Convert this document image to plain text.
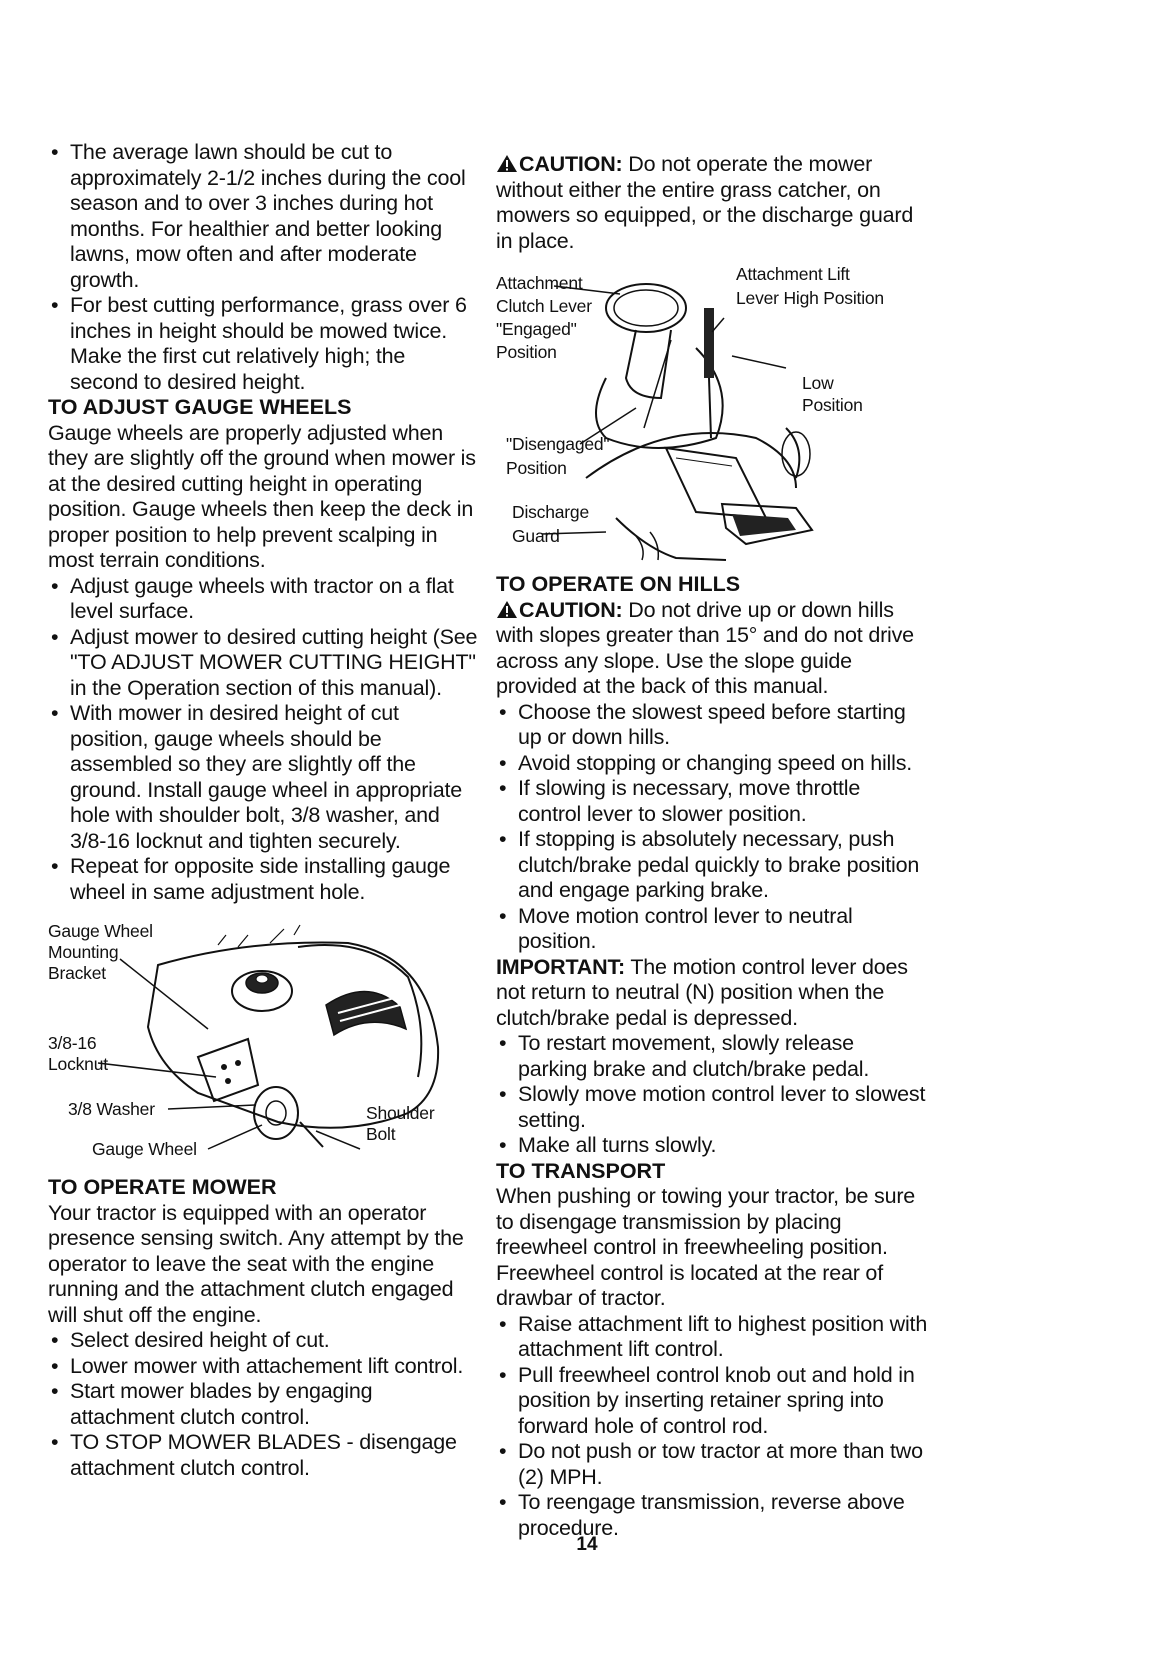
• The average lawn should be cut to approximately 2-1/2 inches during the cool season and to over 3 inches during hot months. For healthier and better looking lawns, mow often and after moderate growth.

• For best cutting performance, grass over 6 inches in height should be mowed twice. Make the first cut relatively high; the second to desired height.

TO ADJUST GAUGE WHEELS

Gauge wheels are properly adjusted when they are slightly off the ground when mower is at the desired cutting height in operating position. Gauge wheels then keep the deck in proper position to help prevent scalping in most terrain conditions.

• Adjust gauge wheels with tractor on a flat level surface.

• Adjust mower to desired cutting height (See "TO ADJUST MOWER CUTTING HEIGHT" in the Operation section of this manual).

• With mower in desired height of cut position, gauge wheels should be assembled so they are slightly off the ground. Install gauge wheel in appropriate hole with shoulder bolt, 3/8 washer, and 3/8-16 locknut and tighten securely.

• Repeat for opposite side installing gauge wheel in same adjustment hole.

Gauge Wheel
Mounting
Bracket
3/8-16
Locknut
3/8 Washer
Gauge Wheel
Shoulder
Bolt

TO OPERATE MOWER

Your tractor is equipped with an operator presence sensing switch. Any attempt by the operator to leave the seat with the engine running and the attachment clutch engaged will shut off the engine.

• Select desired height of cut.

• Lower mower with attachement lift control.

• Start mower blades by engaging attachment clutch control.

• TO STOP MOWER BLADES - disengage attachment clutch control.

CAUTION: Do not operate the mower without either the entire grass catcher, on mowers so equipped, or the discharge guard in place.

Attachment
Clutch Lever
"Engaged"
Position
Attachment Lift
Lever High Position
Low
Position
"Disengaged"
Position
Discharge
Guard

TO OPERATE ON HILLS

CAUTION: Do not drive up or down hills with slopes greater than 15° and do not drive across any slope. Use the slope guide provided at the back of this manual.

• Choose the slowest speed before starting up or down hills.

• Avoid stopping or changing speed on hills.

• If slowing is necessary, move throttle control lever to slower position.

• If stopping is absolutely necessary, push clutch/brake pedal quickly to brake position and engage parking brake.

• Move motion control lever to neutral position.

IMPORTANT: The motion control lever does not return to neutral (N) position when the clutch/brake pedal is depressed.

• To restart movement, slowly release parking brake and clutch/brake pedal.

• Slowly move motion control lever to slowest setting.

• Make all turns slowly.

TO TRANSPORT

When pushing or towing your tractor, be sure to disengage transmission by placing freewheel control in freewheeling position. Freewheel control is located at the rear of drawbar of tractor.

• Raise attachment lift to highest position with attachment lift control.

• Pull freewheel control knob out and hold in position by inserting retainer spring into forward hole of control rod.

• Do not push or tow tractor at more than two (2) MPH.

• To reengage transmission, reverse above procedure.

14
